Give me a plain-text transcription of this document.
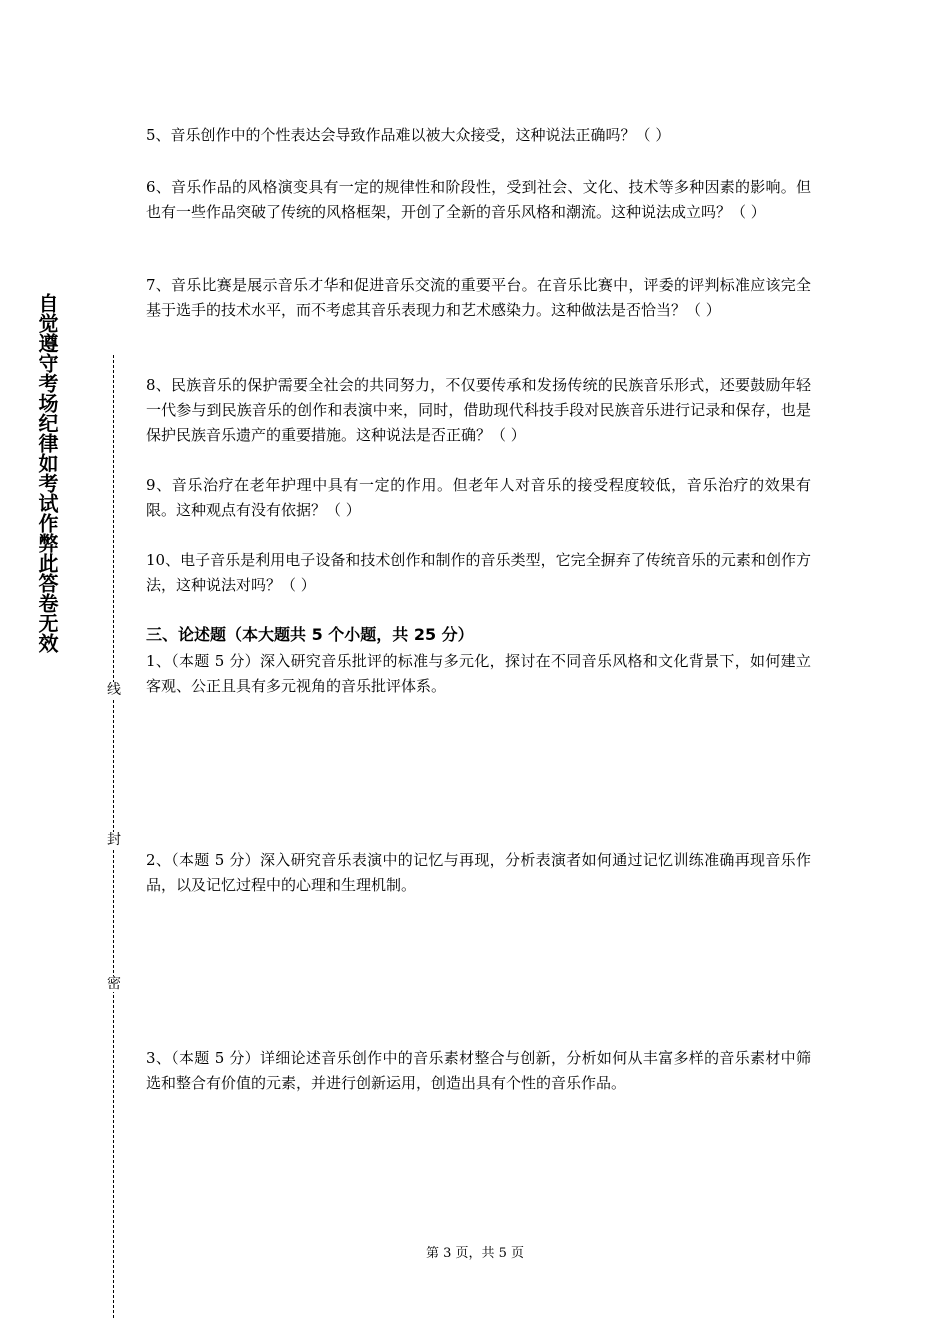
自觉遵守考场纪律如考试作弊此答卷无效
线
封
密

5、音乐创作中的个性表达会导致作品难以被大众接受，这种说法正确吗？（ ）

6、音乐作品的风格演变具有一定的规律性和阶段性，受到社会、文化、技术等多种因素的影响。但也有一些作品突破了传统的风格框架，开创了全新的音乐风格和潮流。这种说法成立吗？（ ）

7、音乐比赛是展示音乐才华和促进音乐交流的重要平台。在音乐比赛中，评委的评判标准应该完全基于选手的技术水平，而不考虑其音乐表现力和艺术感染力。这种做法是否恰当？（ ）

8、民族音乐的保护需要全社会的共同努力，不仅要传承和发扬传统的民族音乐形式，还要鼓励年轻一代参与到民族音乐的创作和表演中来，同时，借助现代科技手段对民族音乐进行记录和保存，也是保护民族音乐遗产的重要措施。这种说法是否正确？（ ）

9、音乐治疗在老年护理中具有一定的作用。但老年人对音乐的接受程度较低，音乐治疗的效果有限。这种观点有没有依据？（ ）

10、电子音乐是利用电子设备和技术创作和制作的音乐类型，它完全摒弃了传统音乐的元素和创作方法，这种说法对吗？（ ）

三、论述题（本大题共 5 个小题，共 25 分）

1、（本题 5 分）深入研究音乐批评的标准与多元化，探讨在不同音乐风格和文化背景下，如何建立客观、公正且具有多元视角的音乐批评体系。

2、（本题 5 分）深入研究音乐表演中的记忆与再现，分析表演者如何通过记忆训练准确再现音乐作品，以及记忆过程中的心理和生理机制。

3、（本题 5 分）详细论述音乐创作中的音乐素材整合与创新，分析如何从丰富多样的音乐素材中筛选和整合有价值的元素，并进行创新运用，创造出具有个性的音乐作品。

第 3 页，共 5 页
